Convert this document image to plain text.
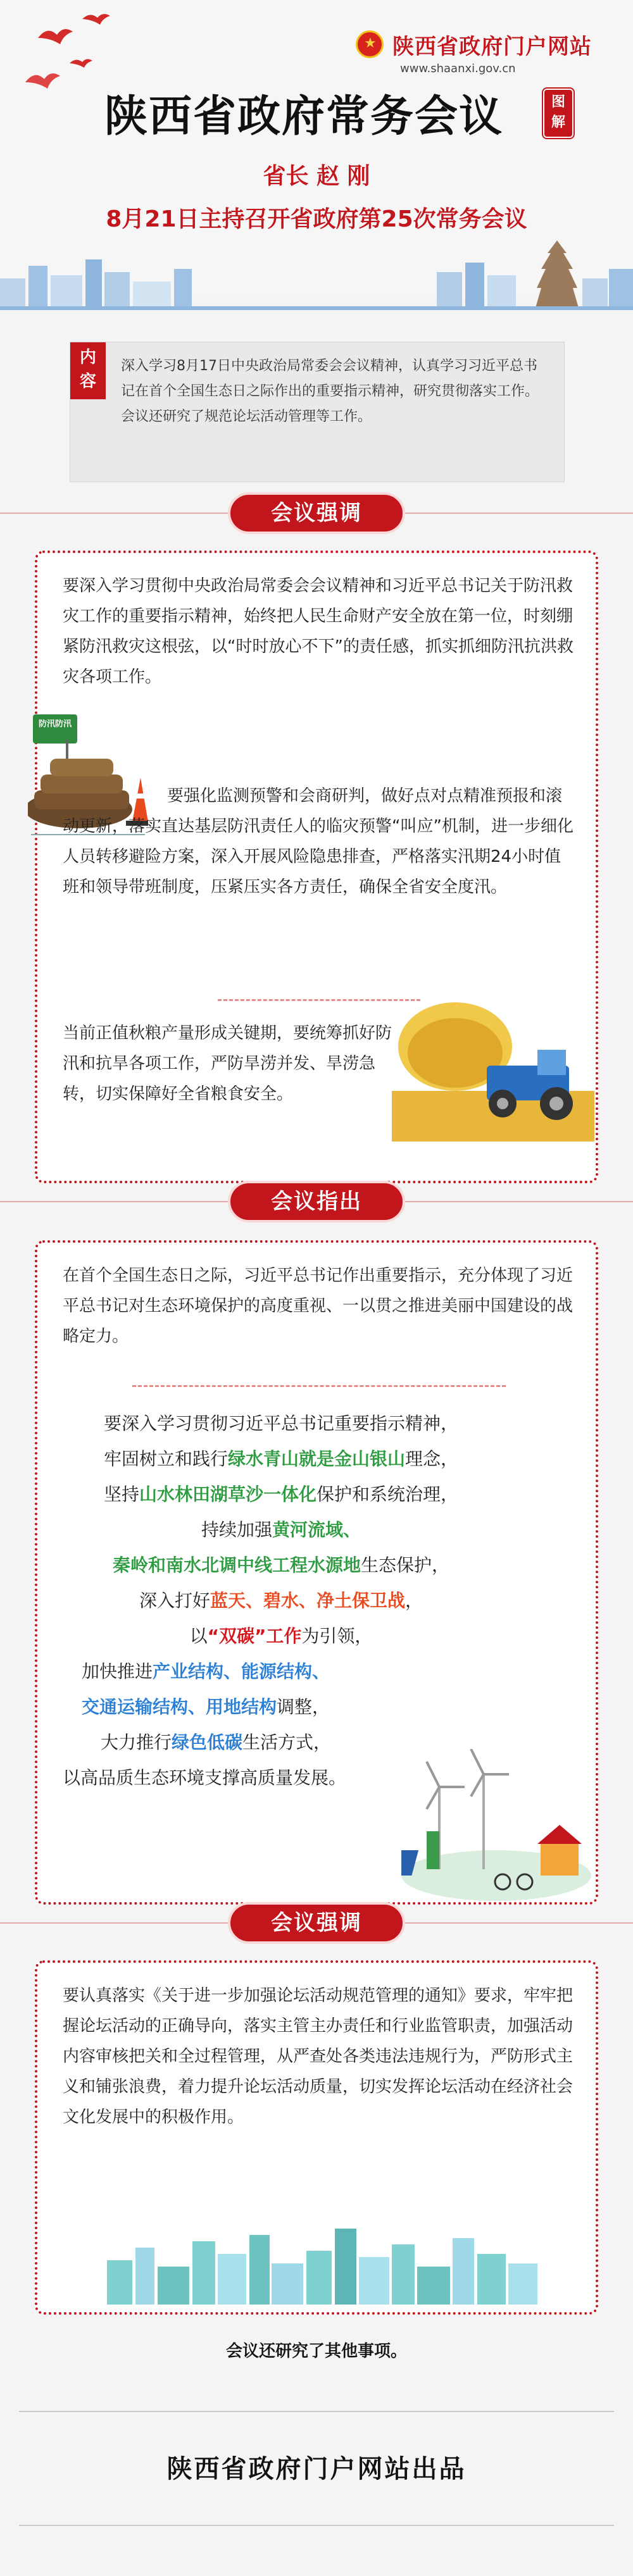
★
陕西省政府门户网站
www.shaanxi.gov.cn
陕西省政府常务会议	图解
省长 赵 刚
8月21日主持召开省政府第25次常务会议
内容
深入学习8月17日中央政治局常委会会议精神，认真学习习近平总书记在首个全国生态日之际作出的重要指示精神，研究贯彻落实工作。会议还研究了规范论坛活动管理等工作。
会议强调
要深入学习贯彻中央政治局常委会会议精神和习近平总书记关于防汛救灾工作的重要指示精神，始终把人民生命财产安全放在第一位，时刻绷紧防汛救灾这根弦，以“时时放心不下”的责任感，抓实抓细防汛抗洪救灾各项工作。
防汛防汛
要强化监测预警和会商研判，做好点对点精准预报和滚动更新，落实直达基层防汛责任人的临灾预警“叫应”机制，进一步细化人员转移避险方案，深入开展风险隐患排查，严格落实汛期24小时值班和领导带班制度，压紧压实各方责任，确保全省安全度汛。
当前正值秋粮产量形成关键期，要统筹抓好防汛和抗旱各项工作，严防旱涝并发、旱涝急转，切实保障好全省粮食安全。
会议指出
在首个全国生态日之际，习近平总书记作出重要指示，充分体现了习近平总书记对生态环境保护的高度重视、一以贯之推进美丽中国建设的战略定力。
要深入学习贯彻习近平总书记重要指示精神，
牢固树立和践行绿水青山就是金山银山理念，
坚持山水林田湖草沙一体化保护和系统治理，
持续加强黄河流域、
秦岭和南水北调中线工程水源地生态保护，
深入打好蓝天、碧水、净土保卫战，
以“双碳”工作为引领，
加快推进产业结构、能源结构、
交通运输结构、用地结构调整，
大力推行绿色低碳生活方式，
以高品质生态环境支撑高质量发展。
会议强调
要认真落实《关于进一步加强论坛活动规范管理的通知》要求，牢牢把握论坛活动的正确导向，落实主管主办责任和行业监管职责，加强活动内容审核把关和全过程管理，从严查处各类违法违规行为，严防形式主义和铺张浪费，着力提升论坛活动质量，切实发挥论坛活动在经济社会文化发展中的积极作用。
会议还研究了其他事项。
陕西省政府门户网站出品
